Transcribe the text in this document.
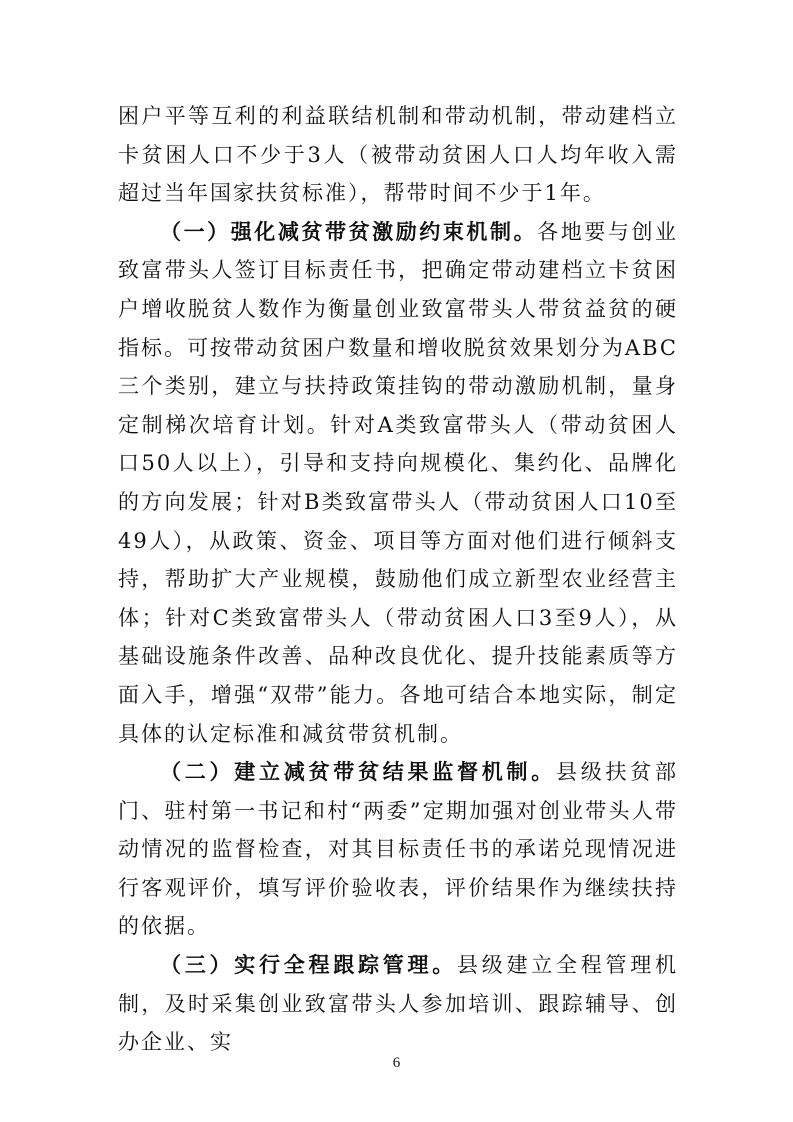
困户平等互利的利益联结机制和带动机制，带动建档立卡贫困人口不少于3人（被带动贫困人口人均年收入需超过当年国家扶贫标准），帮带时间不少于1年。

（一）强化减贫带贫激励约束机制。各地要与创业致富带头人签订目标责任书，把确定带动建档立卡贫困户增收脱贫人数作为衡量创业致富带头人带贫益贫的硬指标。可按带动贫困户数量和增收脱贫效果划分为ABC三个类别，建立与扶持政策挂钩的带动激励机制，量身定制梯次培育计划。针对A类致富带头人（带动贫困人口50人以上），引导和支持向规模化、集约化、品牌化的方向发展；针对B类致富带头人（带动贫困人口10至49人），从政策、资金、项目等方面对他们进行倾斜支持，帮助扩大产业规模，鼓励他们成立新型农业经营主体；针对C类致富带头人（带动贫困人口3至9人），从基础设施条件改善、品种改良优化、提升技能素质等方面入手，增强“双带”能力。各地可结合本地实际，制定具体的认定标准和减贫带贫机制。

（二）建立减贫带贫结果监督机制。县级扶贫部门、驻村第一书记和村“两委”定期加强对创业带头人带动情况的监督检查，对其目标责任书的承诺兑现情况进行客观评价，填写评价验收表，评价结果作为继续扶持的依据。

（三）实行全程跟踪管理。县级建立全程管理机制，及时采集创业致富带头人参加培训、跟踪辅导、创办企业、实

6
